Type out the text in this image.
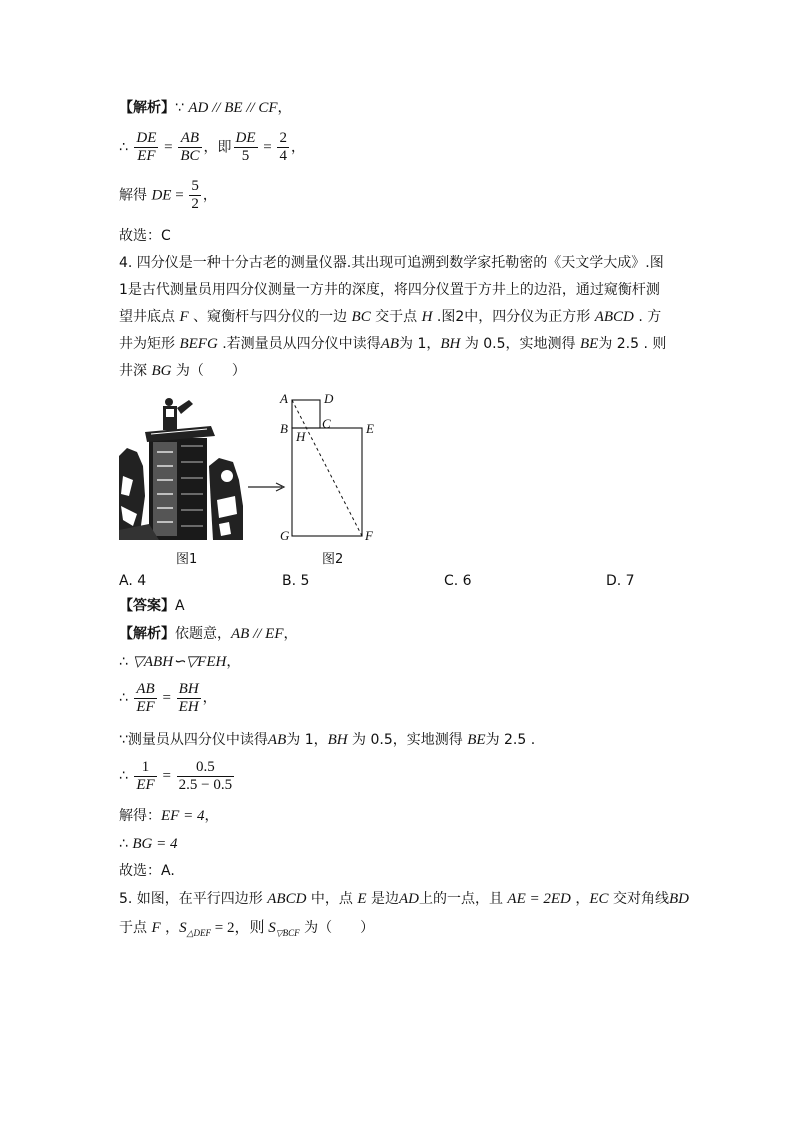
【解析】∵ AD // BE // CF，
∴ $\frac{DE}{EF} = \frac{AB}{BC}$ ，即 $\frac{DE}{5} = \frac{2}{4}$ ，
解得 DE = $\frac{5}{2}$ ，
故选：C
4. 四分仪是一种十分古老的测量仪器.其出现可追溯到数学家托勒密的《天文学大成》.图
1是古代测量员用四分仪测量一方井的深度，将四分仪置于方井上的边沿，通过窥衡杆测
望井底点 F 、窥衡杆与四分仪的一边 BC 交于点 H .图2中，四分仪为正方形 ABCD . 方
井为矩形 BEFG .若测量员从四分仪中读得AB为 1，BH 为 0.5，实地测得 BE为 2.5 . 则
井深 BG 为（　　）
A	D
B	C
H
E
G	F
图1	图2
A. 4	B. 5	C. 6	D. 7
【答案】A
【解析】依题意，AB // EF，
∴ ▽ABH∽▽FEH，
∴ $\frac{AB}{EF} = \frac{BH}{EH}$ ，
∵测量员从四分仪中读得AB为 1，BH 为 0.5，实地测得 BE为 2.5 .
∴ $\frac{1}{EF} = \frac{0.5}{2.5 - 0.5}$
解得：EF = 4，
∴ BG = 4
故选：A.
5. 如图，在平行四边形 ABCD 中，点 E 是边AD上的一点，且 AE = 2ED ，EC 交对角线BD
于点 F ，$S_{\triangle DEF} = 2$，则 $S_{▽BCF}$ 为（　　）
